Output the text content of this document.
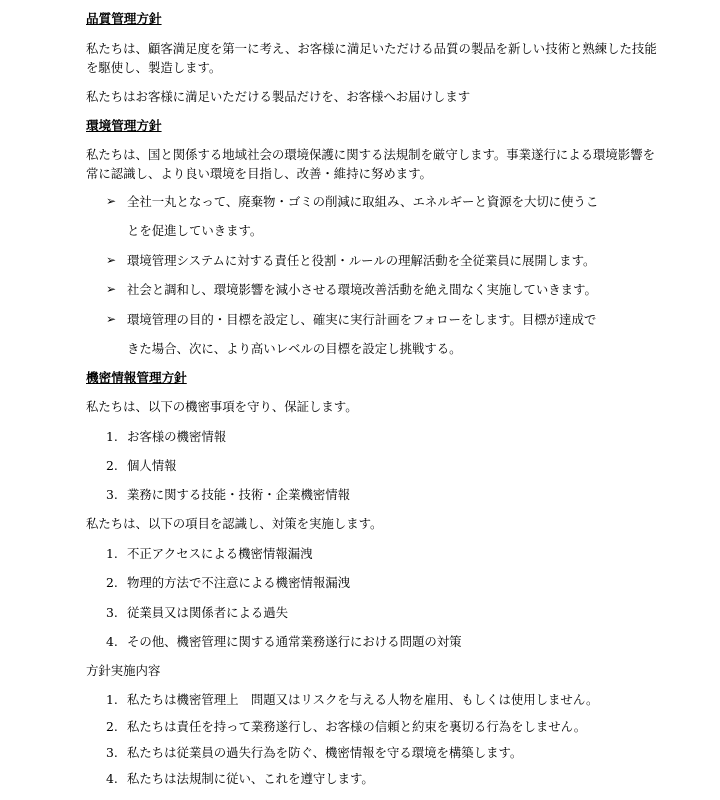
品質管理方針
私たちは、顧客満足度を第一に考え、お客様に満足いただける品質の製品を新しい技術と熟練した技能
を駆使し、製造します。
私たちはお客様に満足いただける製品だけを、お客様へお届けします
環境管理方針
私たちは、国と関係する地域社会の環境保護に関する法規制を厳守します。事業遂行による環境影響を
常に認識し、より良い環境を目指し、改善・維持に努めます。
➢ 全社一丸となって、廃棄物・ゴミの削減に取組み、エネルギーと資源を大切に使うこ
とを促進していきます。
➢ 環境管理システムに対する責任と役割・ルールの理解活動を全従業員に展開します。
➢ 社会と調和し、環境影響を減小させる環境改善活動を絶え間なく実施していきます。
➢ 環境管理の目的・目標を設定し、確実に実行計画をフォローをします。目標が達成で
きた場合、次に、より高いレベルの目標を設定し挑戦する。
機密情報管理方針
私たちは、以下の機密事項を守り、保証します。
1. お客様の機密情報
2. 個人情報
3. 業務に関する技能・技術・企業機密情報
私たちは、以下の項目を認識し、対策を実施します。
1. 不正アクセスによる機密情報漏洩
2. 物理的方法で不注意による機密情報漏洩
3. 従業員又は関係者による過失
4. その他、機密管理に関する通常業務遂行における問題の対策
方針実施内容
1. 私たちは機密管理上　問題又はリスクを与える人物を雇用、もしくは使用しません。
2. 私たちは責任を持って業務遂行し、お客様の信頼と約束を裏切る行為をしません。
3. 私たちは従業員の過失行為を防ぐ、機密情報を守る環境を構築します。
4. 私たちは法規制に従い、これを遵守します。
